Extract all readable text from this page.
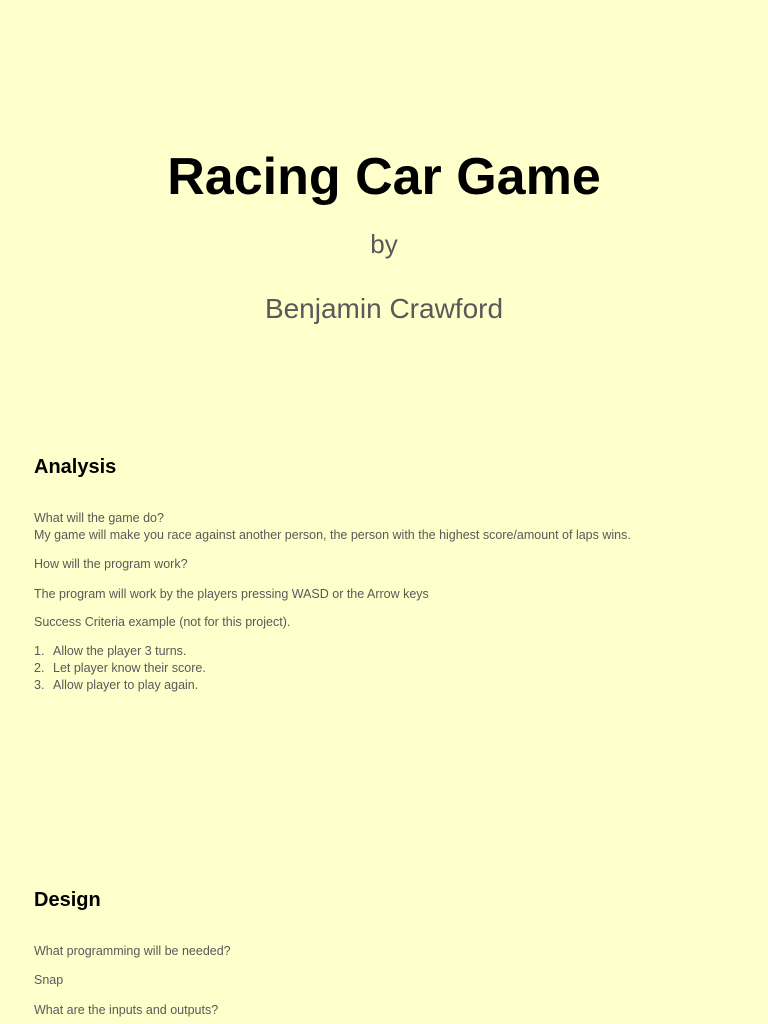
Racing Car Game
by
Benjamin Crawford
Analysis
What will the game do?
My game will make you race against another person, the person with the highest score/amount of laps wins.
How will the program work?
The program will work by the players pressing WASD or the Arrow keys
Success Criteria example (not for this project).
1. Allow the player 3 turns.
2. Let player know their score.
3. Allow player to play again.
Design
What programming will be needed?
Snap
What are the inputs and outputs?
